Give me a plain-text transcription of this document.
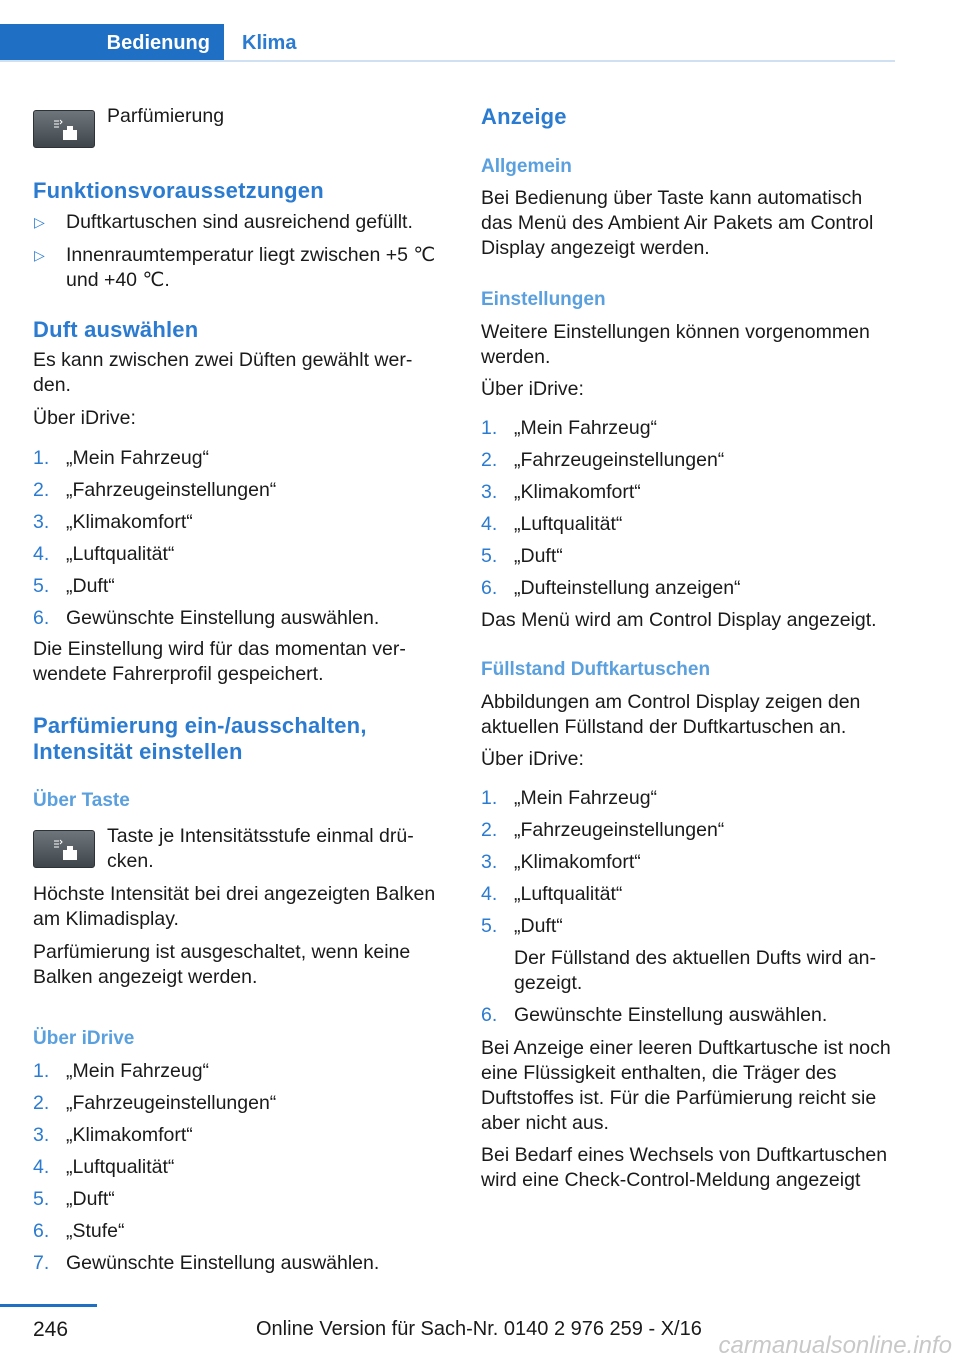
Bedienung	Klima
Parfümierung
Funktionsvoraussetzungen
▷ Duftkartuschen sind ausreichend gefüllt.
▷ Innenraumtemperatur liegt zwischen +5 ℃ und +40 ℃.
Duft auswählen
Es kann zwischen zwei Düften gewählt wer-den.
Über iDrive:
1. „Mein Fahrzeug“
2. „Fahrzeugeinstellungen“
3. „Klimakomfort“
4. „Luftqualität“
5. „Duft“
6. Gewünschte Einstellung auswählen.
Die Einstellung wird für das momentan ver-wendete Fahrerprofil gespeichert.
Parfümierung ein-/ausschalten, Intensität einstellen
Über Taste
Taste je Intensitätsstufe einmal drü-cken.
Höchste Intensität bei drei angezeigten Balken am Klimadisplay.
Parfümierung ist ausgeschaltet, wenn keine Balken angezeigt werden.
Über iDrive
1. „Mein Fahrzeug“
2. „Fahrzeugeinstellungen“
3. „Klimakomfort“
4. „Luftqualität“
5. „Duft“
6. „Stufe“
7. Gewünschte Einstellung auswählen.
Anzeige
Allgemein
Bei Bedienung über Taste kann automatisch das Menü des Ambient Air Pakets am Control Display angezeigt werden.
Einstellungen
Weitere Einstellungen können vorgenommen werden.
Über iDrive:
1. „Mein Fahrzeug“
2. „Fahrzeugeinstellungen“
3. „Klimakomfort“
4. „Luftqualität“
5. „Duft“
6. „Dufteinstellung anzeigen“
Das Menü wird am Control Display angezeigt.
Füllstand Duftkartuschen
Abbildungen am Control Display zeigen den aktuellen Füllstand der Duftkartuschen an.
Über iDrive:
1. „Mein Fahrzeug“
2. „Fahrzeugeinstellungen“
3. „Klimakomfort“
4. „Luftqualität“
5. „Duft“
Der Füllstand des aktuellen Dufts wird an-gezeigt.
6. Gewünschte Einstellung auswählen.
Bei Anzeige einer leeren Duftkartusche ist noch eine Flüssigkeit enthalten, die Träger des Duftstoffes ist. Für die Parfümierung reicht sie aber nicht aus.
Bei Bedarf eines Wechsels von Duftkartuschen wird eine Check-Control-Meldung angezeigt
246	Online Version für Sach-Nr. 0140 2 976 259 - X/16
carmanualsonline.info
